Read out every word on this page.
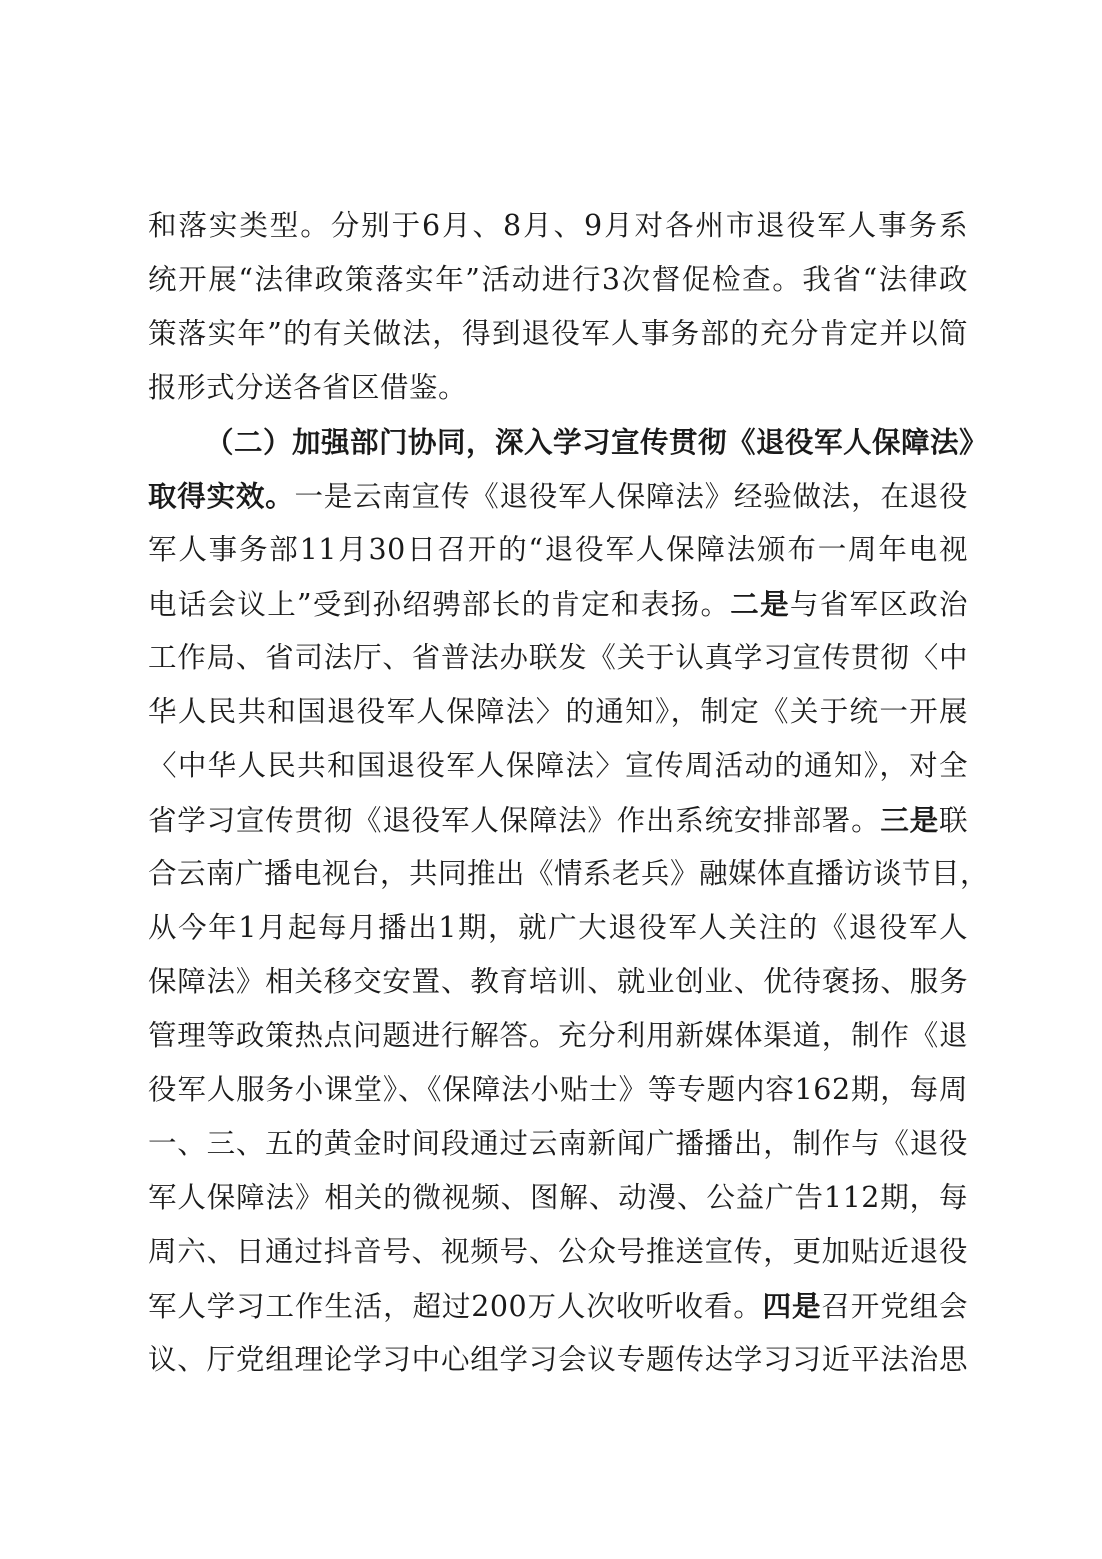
和落实类型。分别于6月、8月、9月对各州市退役军人事务系
统开展“法律政策落实年”活动进行3次督促检查。我省“法律政
策落实年”的有关做法，得到退役军人事务部的充分肯定并以简
报形式分送各省区借鉴。
（二）加强部门协同，深入学习宣传贯彻《退役军人保障法》
取得实效。一是云南宣传《退役军人保障法》经验做法，在退役
军人事务部11月30日召开的“退役军人保障法颁布一周年电视
电话会议上”受到孙绍骋部长的肯定和表扬。二是与省军区政治
工作局、省司法厅、省普法办联发《关于认真学习宣传贯彻〈中
华人民共和国退役军人保障法〉的通知》，制定《关于统一开展
〈中华人民共和国退役军人保障法〉宣传周活动的通知》，对全
省学习宣传贯彻《退役军人保障法》作出系统安排部署。三是联
合云南广播电视台，共同推出《情系老兵》融媒体直播访谈节目，
从今年1月起每月播出1期，就广大退役军人关注的《退役军人
保障法》相关移交安置、教育培训、就业创业、优待褒扬、服务
管理等政策热点问题进行解答。充分利用新媒体渠道，制作《退
役军人服务小课堂》、《保障法小贴士》等专题内容162期，每周
一、三、五的黄金时间段通过云南新闻广播播出，制作与《退役
军人保障法》相关的微视频、图解、动漫、公益广告112期，每
周六、日通过抖音号、视频号、公众号推送宣传，更加贴近退役
军人学习工作生活，超过200万人次收听收看。四是召开党组会
议、厅党组理论学习中心组学习会议专题传达学习习近平法治思
